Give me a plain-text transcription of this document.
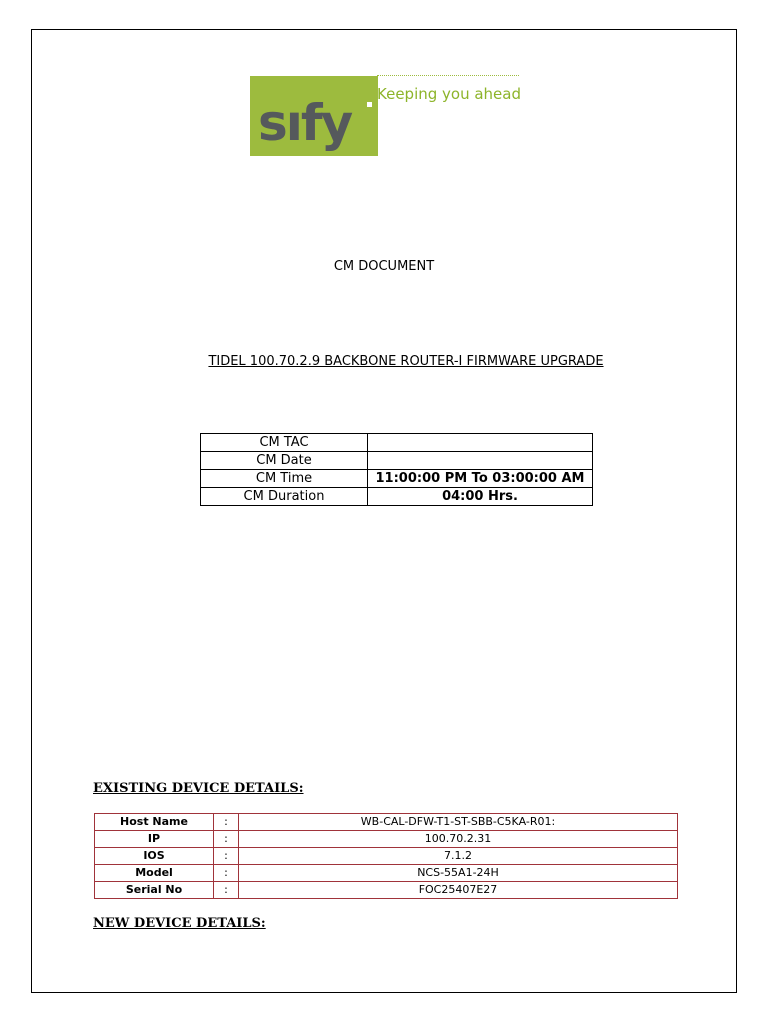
sıfy Keeping you ahead
CM DOCUMENT
TIDEL 100.70.2.9 BACKBONE ROUTER-I FIRMWARE UPGRADE
CM TAC	
CM Date	
CM Time	11:00:00 PM To 03:00:00 AM
CM Duration	04:00 Hrs.
EXISTING DEVICE DETAILS:
Host Name	:	WB-CAL-DFW-T1-ST-SBB-C5KA-R01:
IP	:	100.70.2.31
IOS	:	7.1.2
Model	:	NCS-55A1-24H
Serial No	:	FOC25407E27
NEW DEVICE DETAILS:
